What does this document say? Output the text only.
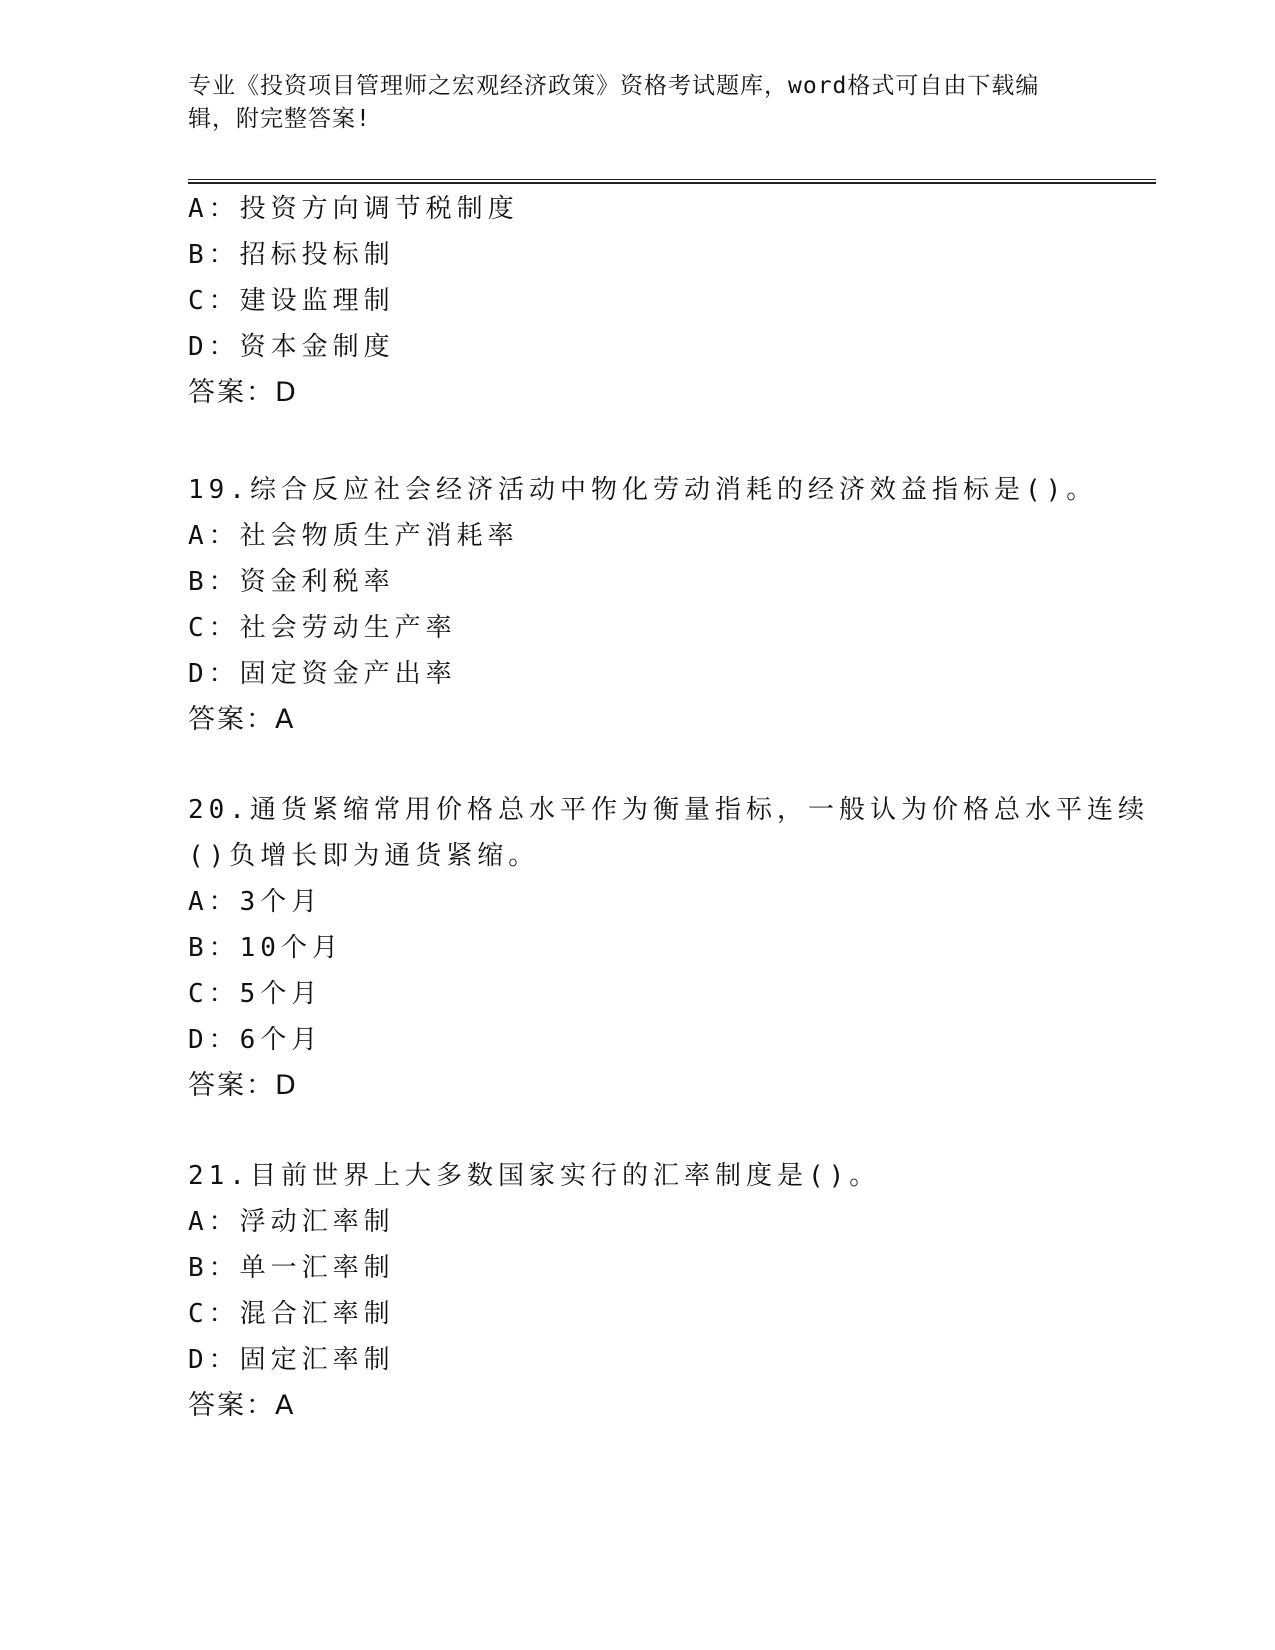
专业《投资项目管理师之宏观经济政策》资格考试题库，word格式可自由下载编
辑，附完整答案!
A：投资方向调节税制度
B：招标投标制
C：建设监理制
D：资本金制度
答案：D
19.综合反应社会经济活动中物化劳动消耗的经济效益指标是()。
A：社会物质生产消耗率
B：资金利税率
C：社会劳动生产率
D：固定资金产出率
答案：A
20.通货紧缩常用价格总水平作为衡量指标，一般认为价格总水平连续
()负增长即为通货紧缩。
A：3个月
B：10个月
C：5个月
D：6个月
答案：D
21.目前世界上大多数国家实行的汇率制度是()。
A：浮动汇率制
B：单一汇率制
C：混合汇率制
D：固定汇率制
答案：A
